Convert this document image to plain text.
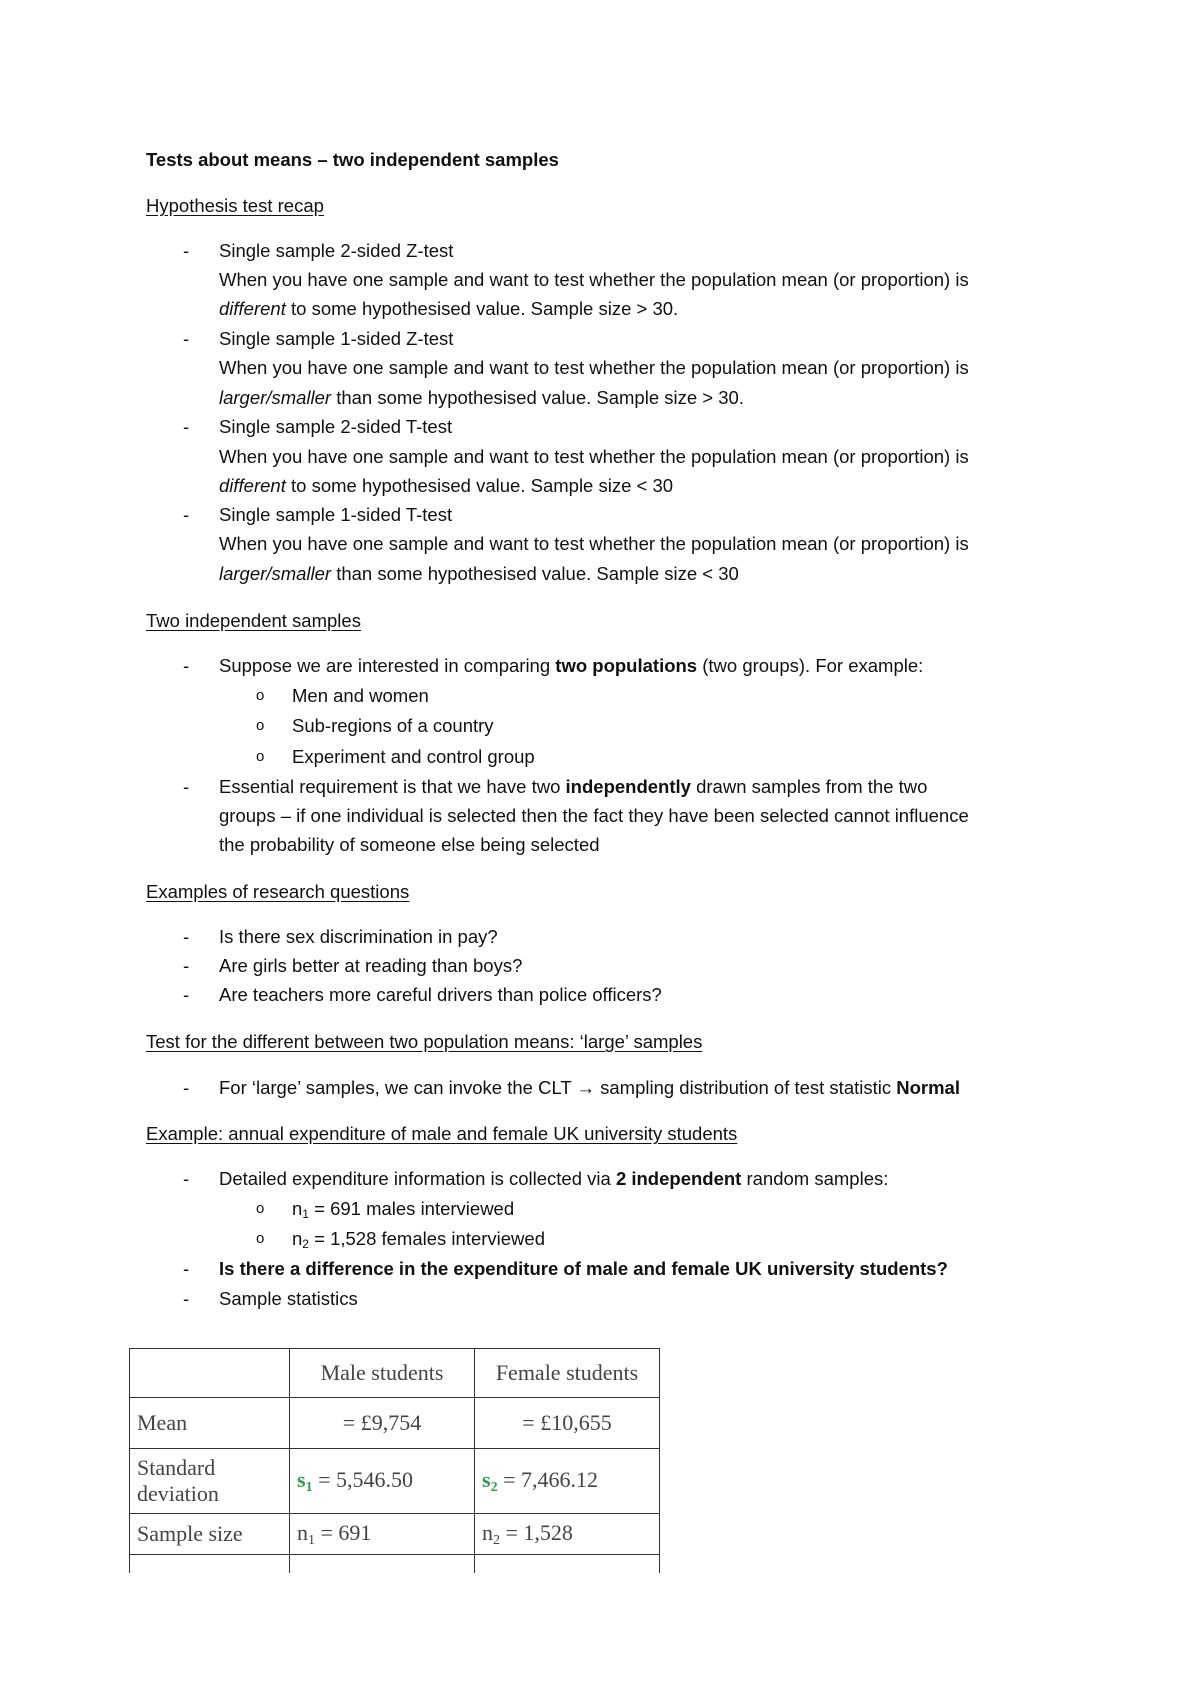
Tests about means – two independent samples
Hypothesis test recap
- Single sample 2-sided Z-test
When you have one sample and want to test whether the population mean (or proportion) is
different to some hypothesised value. Sample size > 30.
- Single sample 1-sided Z-test
When you have one sample and want to test whether the population mean (or proportion) is
larger/smaller than some hypothesised value. Sample size > 30.
- Single sample 2-sided T-test
When you have one sample and want to test whether the population mean (or proportion) is
different to some hypothesised value. Sample size < 30
- Single sample 1-sided T-test
When you have one sample and want to test whether the population mean (or proportion) is
larger/smaller than some hypothesised value. Sample size < 30
Two independent samples
- Suppose we are interested in comparing two populations (two groups). For example:
o Men and women
o Sub-regions of a country
o Experiment and control group
- Essential requirement is that we have two independently drawn samples from the two
groups – if one individual is selected then the fact they have been selected cannot influence
the probability of someone else being selected
Examples of research questions
- Is there sex discrimination in pay?
- Are girls better at reading than boys?
- Are teachers more careful drivers than police officers?
Test for the different between two population means: ‘large’ samples
- For ‘large’ samples, we can invoke the CLT → sampling distribution of test statistic Normal
Example: annual expenditure of male and female UK university students
- Detailed expenditure information is collected via 2 independent random samples:
o $n_1 = 691$ males interviewed
o $n_2 = 1,528$ females interviewed
- Is there a difference in the expenditure of male and female UK university students?
- Sample statistics
	Male students	Female students
Mean	= £9,754	= £10,655

Standard
deviation	$s_1 = 5,546.50$	$s_2 = 7,466.12$
Sample size	$n_1 = 691$	$n_2 = 1,528$
